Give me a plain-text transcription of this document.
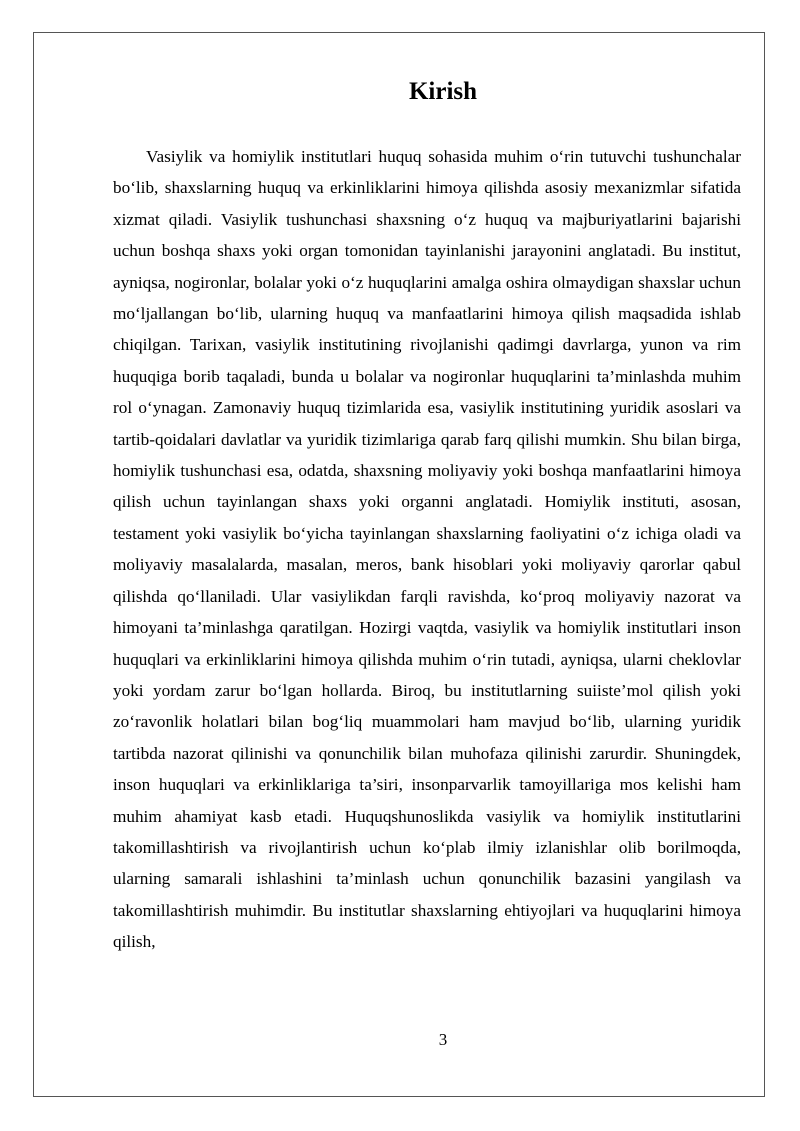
Kirish

Vasiylik va homiylik institutlari huquq sohasida muhim o‘rin tutuvchi tushunchalar bo‘lib, shaxslarning huquq va erkinliklarini himoya qilishda asosiy mexanizmlar sifatida xizmat qiladi. Vasiylik tushunchasi shaxsning o‘z huquq va majburiyatlarini bajarishi uchun boshqa shaxs yoki organ tomonidan tayinlanishi jarayonini anglatadi. Bu institut, ayniqsa, nogironlar, bolalar yoki o‘z huquqlarini amalga oshira olmaydigan shaxslar uchun mo‘ljallangan bo‘lib, ularning huquq va manfaatlarini himoya qilish maqsadida ishlab chiqilgan. Tarixan, vasiylik institutining rivojlanishi qadimgi davrlarga, yunon va rim huquqiga borib taqaladi, bunda u bolalar va nogironlar huquqlarini ta’minlashda muhim rol o‘ynagan. Zamonaviy huquq tizimlarida esa, vasiylik institutining yuridik asoslari va tartib-qoidalari davlatlar va yuridik tizimlariga qarab farq qilishi mumkin. Shu bilan birga, homiylik tushunchasi esa, odatda, shaxsning moliyaviy yoki boshqa manfaatlarini himoya qilish uchun tayinlangan shaxs yoki organni anglatadi. Homiylik instituti, asosan, testament yoki vasiylik bo‘yicha tayinlangan shaxslarning faoliyatini o‘z ichiga oladi va moliyaviy masalalarda, masalan, meros, bank hisoblari yoki moliyaviy qarorlar qabul qilishda qo‘llaniladi. Ular vasiylikdan farqli ravishda, ko‘proq moliyaviy nazorat va himoyani ta’minlashga qaratilgan. Hozirgi vaqtda, vasiylik va homiylik institutlari inson huquqlari va erkinliklarini himoya qilishda muhim o‘rin tutadi, ayniqsa, ularni cheklovlar yoki yordam zarur bo‘lgan hollarda. Biroq, bu institutlarning suiiste’mol qilish yoki zo‘ravonlik holatlari bilan bog‘liq muammolari ham mavjud bo‘lib, ularning yuridik tartibda nazorat qilinishi va qonunchilik bilan muhofaza qilinishi zarurdir. Shuningdek, inson huquqlari va erkinliklariga ta’siri, insonparvarlik tamoyillariga mos kelishi ham muhim ahamiyat kasb etadi. Huquqshunoslikda vasiylik va homiylik institutlarini takomillashtirish va rivojlantirish uchun ko‘plab ilmiy izlanishlar olib borilmoqda, ularning samarali ishlashini ta’minlash uchun qonunchilik bazasini yangilash va takomillashtirish muhimdir. Bu institutlar shaxslarning ehtiyojlari va huquqlarini himoya qilish,

3
